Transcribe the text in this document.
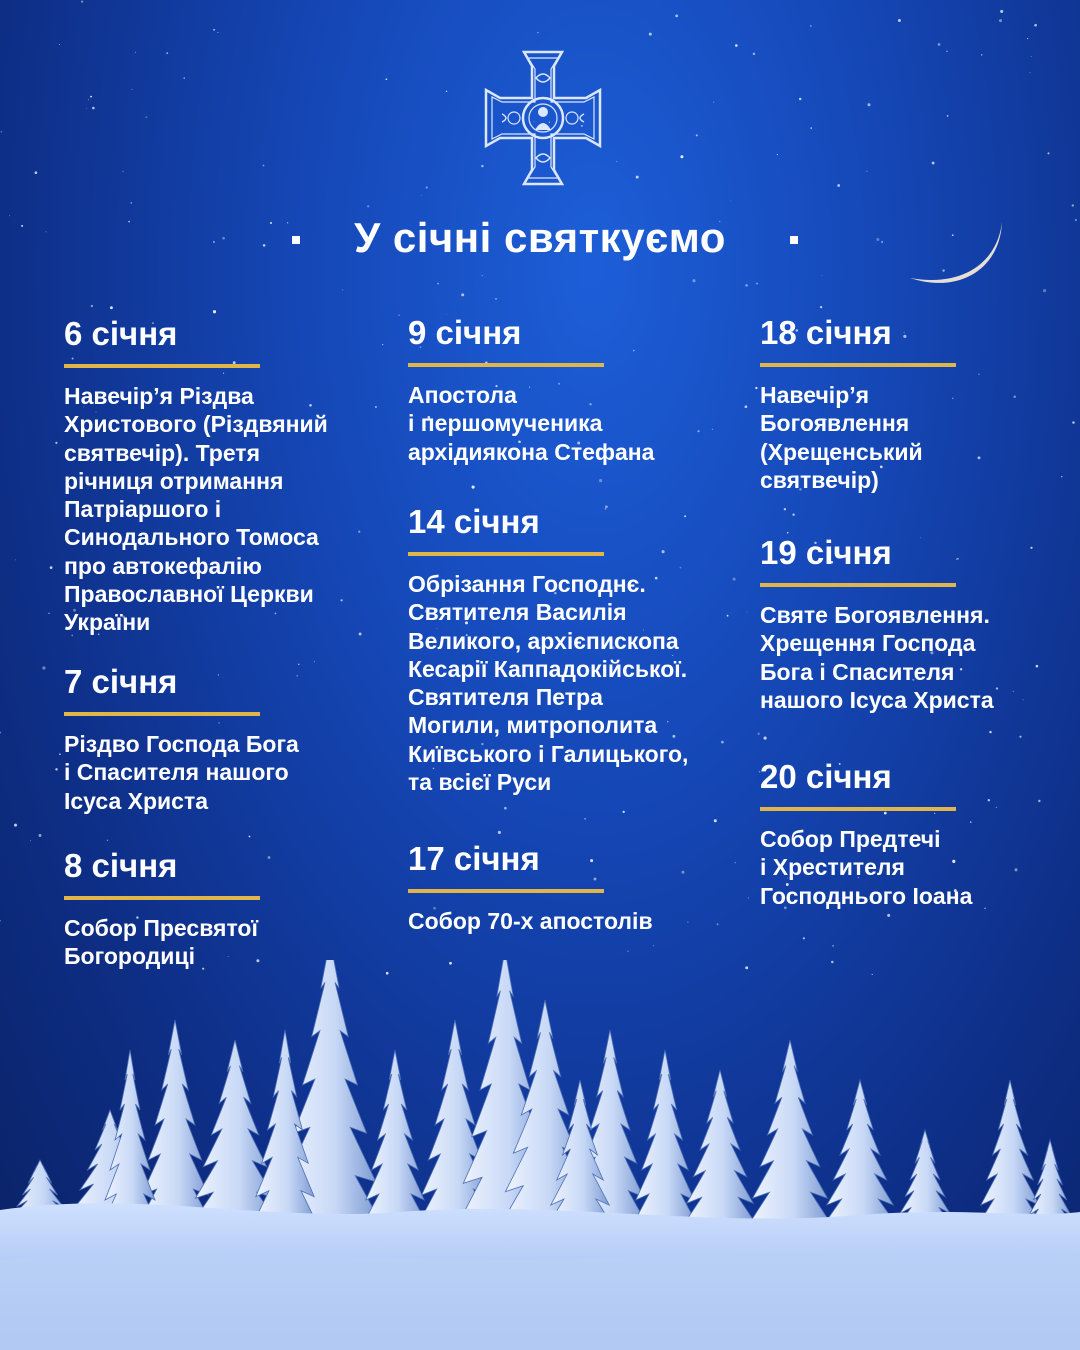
У січні святкуємо

6 січня

Навечір’я Різдва
Христового (Різдвяний
святвечір). Третя
річниця отримання
Патріаршого і
Синодального Томоса
про автокефалію
Православної Церкви
України

7 січня

Різдво Господа Бога
і Спасителя нашого
Ісуса Христа

8 січня

Собор Пресвятої
Богородиці

9 січня

Апостола
і першомученика
архідиякона Стефана

14 січня

Обрізання Господнє.
Святителя Василія
Великого, архієпископа
Кесарії Каппадокійської.
Святителя Петра
Могили, митрополита
Київського і Галицького,
та всієї Руси

17 січня

Собор 70-х апостолів

18 січня

Навечір’я
Богоявлення
(Хрещенський
святвечір)

19 січня

Святе Богоявлення.
Хрещення Господа
Бога і Спасителя
нашого Ісуса Христа

20 січня

Собор Предтечі
і Хрестителя
Господнього Іоана
